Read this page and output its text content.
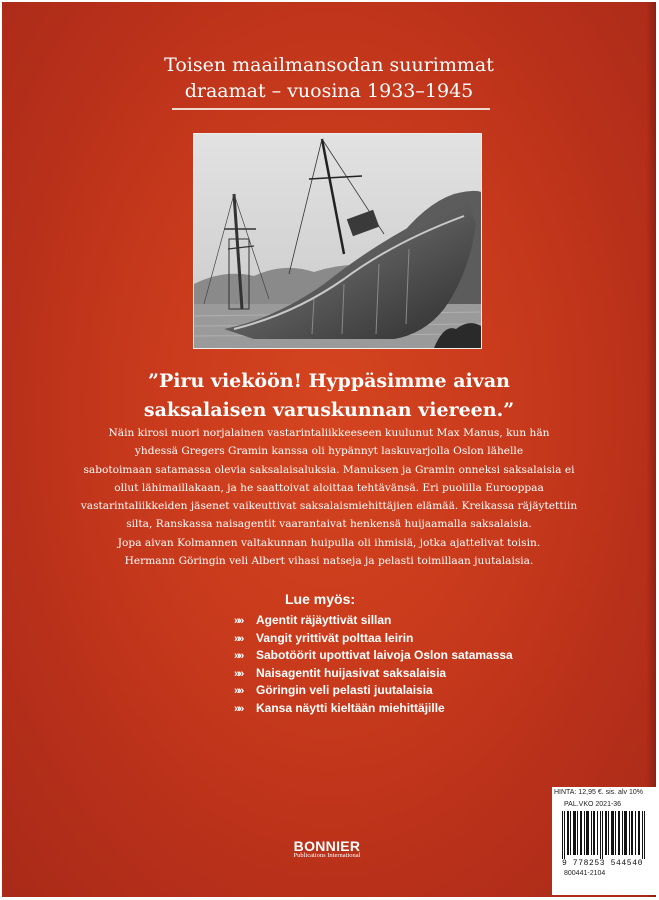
Toisen maailmansodan suurimmat
draamat – vuosina 1933–1945
”Piru vieköön! Hyppäsimme aivan
saksalaisen varuskunnan viereen.”
Näin kirosi nuori norjalainen vastarintaliikkeeseen kuulunut Max Manus, kun hän
yhdessä Gregers Gramin kanssa oli hypännyt laskuvarjolla Oslon lähelle
sabotoimaan satamassa olevia saksalaisaluksia. Manuksen ja Gramin onneksi saksalaisia ei
ollut lähimaillakaan, ja he saattoivat aloittaa tehtävänsä. Eri puolilla Eurooppaa
vastarintaliikkeiden jäsenet vaikeuttivat saksalaismiehittäjien elämää. Kreikassa räjäytettiin
silta, Ranskassa naisagentit vaarantaivat henkensä huijaamalla saksalaisia.
Jopa aivan Kolmannen valtakunnan huipulla oli ihmisiä, jotka ajattelivat toisin.
Hermann Göringin veli Albert vihasi natseja ja pelasti toimillaan juutalaisia.
Lue myös:
»» Agentit räjäyttivät sillan
»» Vangit yrittivät polttaa leirin
»» Sabotöörit upottivat laivoja Oslon satamassa
»» Naisagentit huijasivat saksalaisia
»» Göringin veli pelasti juutalaisia
»» Kansa näytti kieltään miehittäjille
BONNIER
Publications International
HINTA: 12,95 €. sis. alv 10%
PAL.VKO 2021-36
9 778253 544540
800441-2104
